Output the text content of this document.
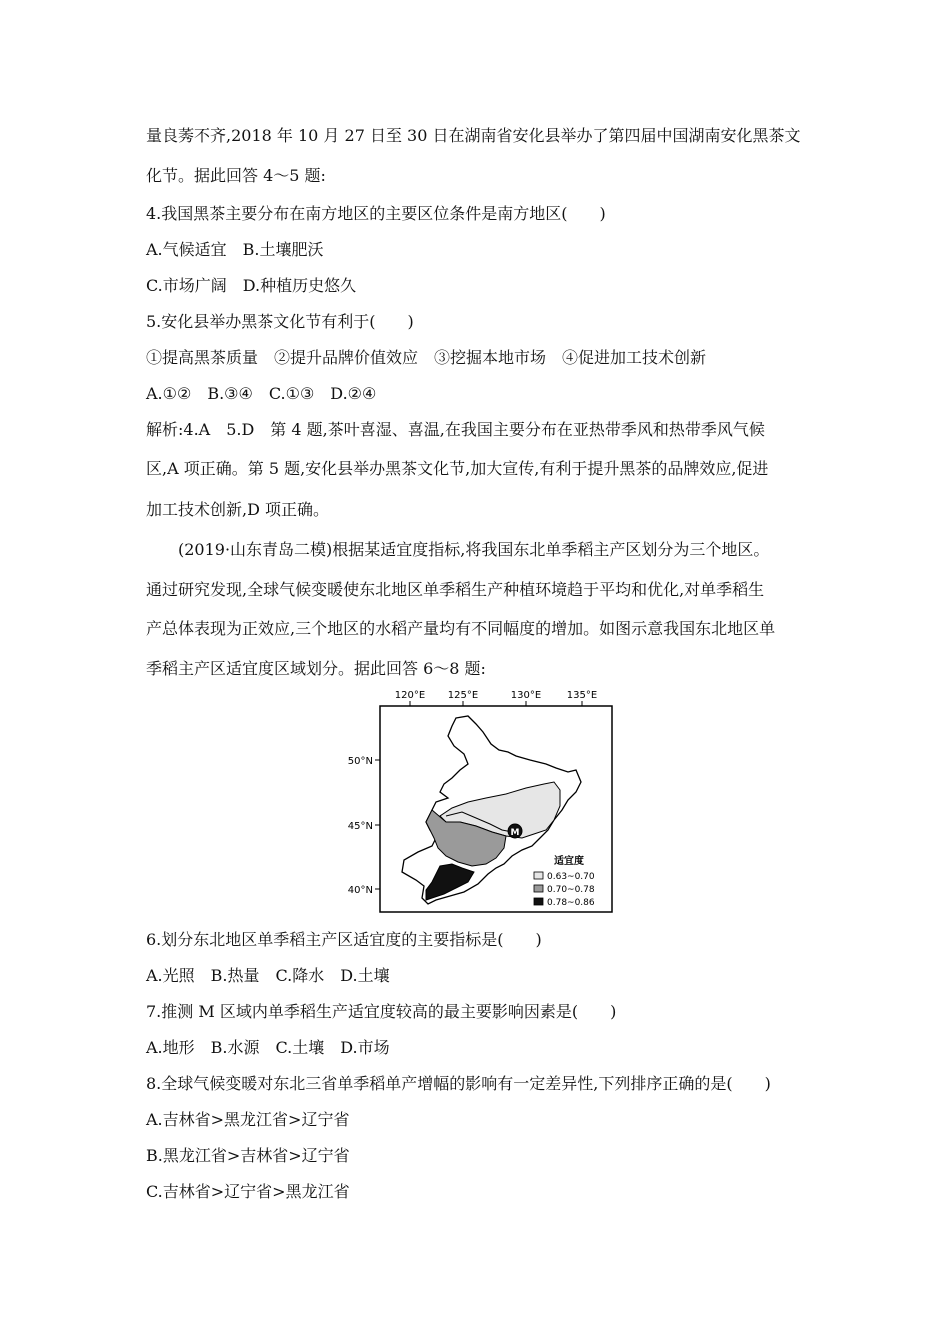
量良莠不齐,2018 年 10 月 27 日至 30 日在湖南省安化县举办了第四届中国湖南安化黑茶文
化节。据此回答 4～5 题:
4.我国黑茶主要分布在南方地区的主要区位条件是南方地区(　　)
A.气候适宜　B.土壤肥沃
C.市场广阔　D.种植历史悠久
5.安化县举办黑茶文化节有利于(　　)
①提高黑茶质量　②提升品牌价值效应　③挖掘本地市场　④促进加工技术创新
A.①②　B.③④　C.①③　D.②④
解析:4.A　5.D　第 4 题,茶叶喜湿、喜温,在我国主要分布在亚热带季风和热带季风气候
区,A 项正确。第 5 题,安化县举办黑茶文化节,加大宣传,有利于提升黑茶的品牌效应,促进
加工技术创新,D 项正确。
(2019·山东青岛二模)根据某适宜度指标,将我国东北单季稻主产区划分为三个地区。
通过研究发现,全球气候变暖使东北地区单季稻生产种植环境趋于平均和优化,对单季稻生
产总体表现为正效应,三个地区的水稻产量均有不同幅度的增加。如图示意我国东北地区单
季稻主产区适宜度区域划分。据此回答 6～8 题:
120°E 125°E	130°E	135°E
50°N
45°N
40°N
M
适宜度
0.63~0.70
0.70~0.78
0.78~0.86
6.划分东北地区单季稻主产区适宜度的主要指标是(　　)
A.光照　B.热量　C.降水　D.土壤
7.推测 M 区域内单季稻生产适宜度较高的最主要影响因素是(　　)
A.地形　B.水源　C.土壤　D.市场
8.全球气候变暖对东北三省单季稻单产增幅的影响有一定差异性,下列排序正确的是(　　)
A.吉林省>黑龙江省>辽宁省
B.黑龙江省>吉林省>辽宁省
C.吉林省>辽宁省>黑龙江省
